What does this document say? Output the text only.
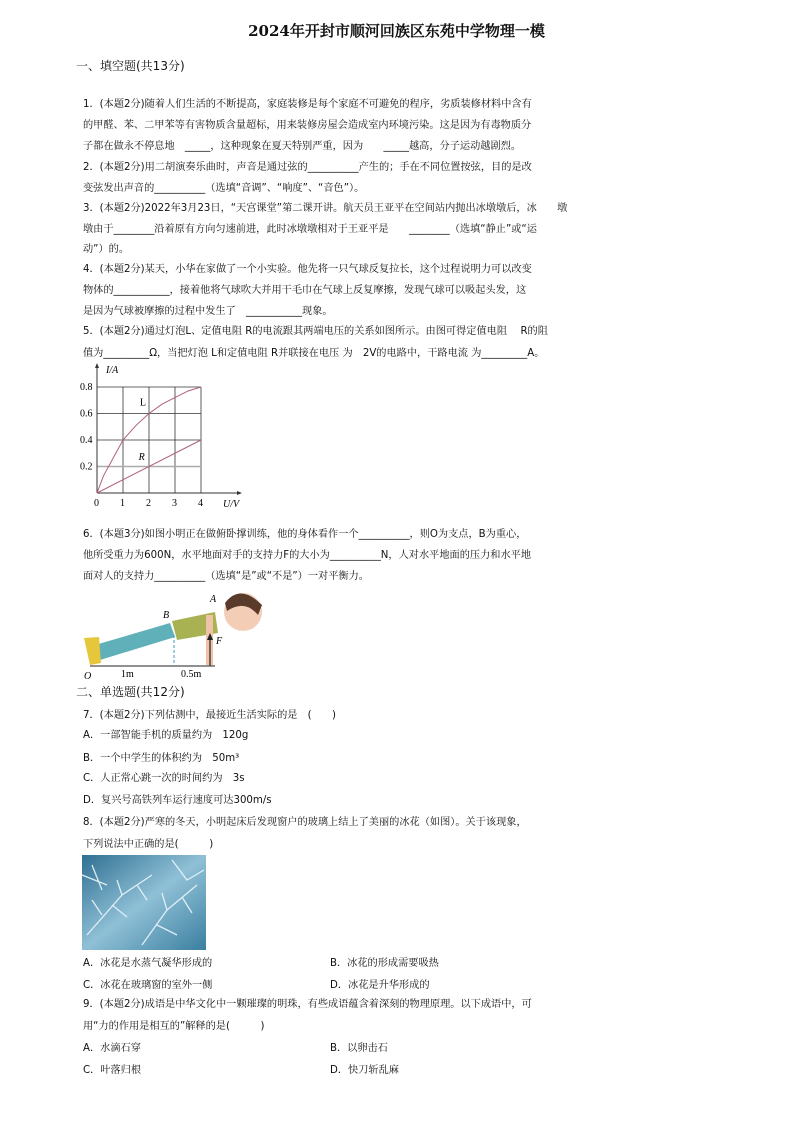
2024年开封市顺河回族区东苑中学物理一模
一、填空题(共13分)
1．(本题2分)随着人们生活的不断提高，家庭装修是每个家庭不可避免的程序，劣质装修材料中含有
的甲醛、苯、二甲苯等有害物质含量超标，用来装修房屋会造成室内环境污染。这是因为有毒物质分
子都在做永不停息地　_____，这种现象在夏天特别严重，因为　　_____越高，分子运动越剧烈。
2．(本题2分)用二胡演奏乐曲时，声音是通过弦的__________产生的；手在不同位置按弦，目的是改
变弦发出声音的__________（选填“音调”、“响度”、“音色”）。
3．(本题2分)2022年3月23日，“天宫课堂”第二课开讲。航天员王亚平在空间站内抛出冰墩墩后，冰　　墩
墩由于________沿着原有方向匀速前进，此时冰墩墩相对于王亚平是　　________（选填“静止”或“运
动”）的。
4．(本题2分)某天，小华在家做了一个小实验。他先将一只气球反复拉长，这个过程说明力可以改变
物体的___________，接着他将气球吹大并用干毛巾在气球上反复摩擦，发现气球可以吸起头发，这
是因为气球被摩擦的过程中发生了　___________现象。
5．(本题2分)通过灯泡L、定值电阻 R的电流跟其两端电压的关系如图所示。由图可得定值电阻　 R的阻
值为_________Ω，当把灯泡 L和定值电阻 R并联接在电压 为　2V的电路中，干路电流 为_________A。
0 1 2 3 4
0.2
0.4
0.6
0.8
U/V
I/A
L
R
6．(本题3分)如图小明正在做俯卧撑训练，他的身体看作一个__________，则O为支点，B为重心，
他所受重力为600N，水平地面对手的支持力F的大小为__________N，人对水平地面的压力和水平地
面对人的支持力__________（选填“是”或“不是”）一对平衡力。
A
B
F
O	1m	0.5m
二、单选题(共12分)
7．(本题2分)下列估测中，最接近生活实际的是　(　　)
A．一部智能手机的质量约为　120g
B．一个中学生的体积约为　50m³
C．人正常心跳一次的时间约为　3s
D．复兴号高铁列车运行速度可达300m/s
8．(本题2分)严寒的冬天，小明起床后发现窗户的玻璃上结上了美丽的冰花（如图）。关于该现象，
下列说法中正确的是(　　　)
A．冰花是水蒸气凝华形成的	B．冰花的形成需要吸热
C．冰花在玻璃窗的室外一侧	D．冰花是升华形成的
9．(本题2分)成语是中华文化中一颗璀璨的明珠，有些成语蕴含着深刻的物理原理。以下成语中，可
用“力的作用是相互的”解释的是(　　　)
A．水滴石穿	B．以卵击石
C．叶落归根	D．快刀斩乱麻
